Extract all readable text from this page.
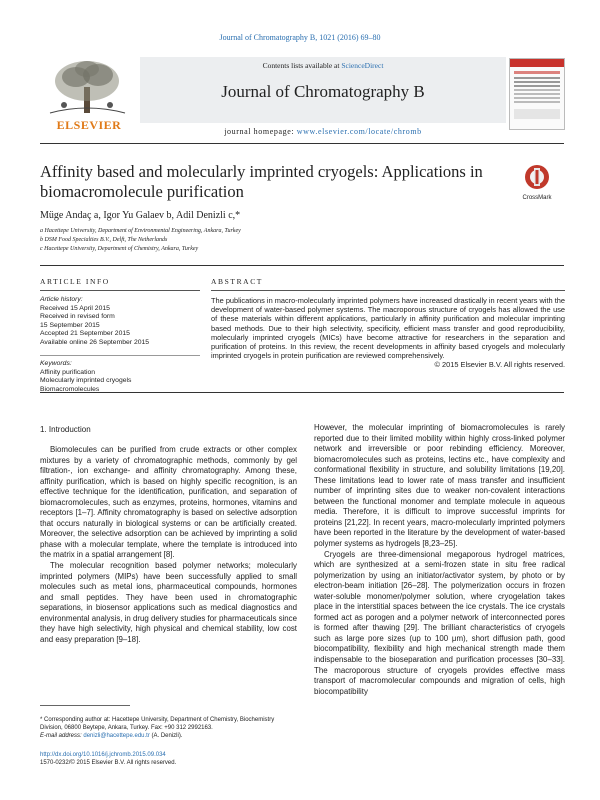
Journal of Chromatography B, 1021 (2016) 69–80
ELSEVIER
Contents lists available at ScienceDirect
Journal of Chromatography B
journal homepage: www.elsevier.com/locate/chromb
Affinity based and molecularly imprinted cryogels: Applications in biomacromolecule purification	CrossMark
Müge Andaç a, Igor Yu Galaev b, Adil Denizli c,*
a Hacettepe University, Department of Environmental Engineering, Ankara, Turkey
b DSM Food Specialties B.V., Delft, The Netherlands
c Hacettepe University, Department of Chemistry, Ankara, Turkey
ARTICLE INFO
Article history:
Received 15 April 2015
Received in revised form
15 September 2015
Accepted 21 September 2015
Available online 26 September 2015
Keywords:
Affinity purification
Molecularly imprinted cryogels
Biomacromolecules
ABSTRACT
The publications in macro-molecularly imprinted polymers have increased drastically in recent years with the development of water-based polymer systems. The macroporous structure of cryogels has allowed the use of these materials within different applications, particularly in affinity purification and molecular imprinting based methods. Due to their high selectivity, specificity, efficient mass transfer and good reproducibility, molecularly imprinted cryogels (MICs) have become attractive for researchers in the separation and purification of proteins. In this review, the recent developments in affinity based cryogels and molecularly imprinted cryogels in protein purification are reviewed comprehensively.
© 2015 Elsevier B.V. All rights reserved.
1. Introduction

Biomolecules can be purified from crude extracts or other complex mixtures by a variety of chromatographic methods, commonly by gel filtration-, ion exchange- and affinity chromatography. Among these, affinity purification, which is based on highly specific recognition, is an effective technique for the identification, purification, and separation of biomacromolecules, such as enzymes, proteins, hormones, vitamins and receptors [1–7]. Affinity chromatography is based on selective adsorption that occurs naturally in biological systems or can be artificially created. Moreover, the selective adsorption can be achieved by imprinting a solid phase with a molecular template, where the template is introduced into the matrix in a spatial arrangement [8].

The molecular recognition based polymer networks; molecularly imprinted polymers (MIPs) have been successfully applied to small molecules such as metal ions, pharmaceutical compounds, hormones and small peptides. They have been used in chromatographic separations, in biosensor applications such as medical diagnostics and environmental analysis, in drug delivery studies for pharmaceuticals since they have high selectivity, high physical and chemical stability, low cost and easy preparation [9–18].

However, the molecular imprinting of biomacromolecules is rarely reported due to their limited mobility within highly cross-linked polymer network and irreversible or poor rebinding efficiency. Moreover, biomacromolecules such as proteins, lectins etc., have complexity and conformational flexibility in structure, and solubility limitations [19,20]. These limitations lead to lower rate of mass transfer and insufficient number of imprinting sites due to weaker non-covalent interactions between the functional monomer and template molecule in aqueous media. Therefore, it is difficult to improve successful imprints for proteins [21,22]. In recent years, macro-molecularly imprinted polymers have been reported in the literature by the development of water-based polymer systems as hydrogels [8,23–25].

Cryogels are three-dimensional megaporous hydrogel matrices, which are synthesized at a semi-frozen state in situ free radical polymerization by using an initiator/activator system, by photo or by electron-beam initiation [26–28]. The polymerization occurs in frozen water-soluble monomer/polymer solution, where cryogelation takes place in the interstitial spaces between the ice crystals. The ice crystals formed act as porogen and a polymer network of interconnected pores is formed after thawing [29]. The brilliant characteristics of cryogels such as large pore sizes (up to 100 μm), short diffusion path, good biocompatibility, flexibility and high mechanical strength made them indispensable to the bioseparation and purification processes [30–33]. The macroporous structure of cryogels provides effective mass transport of macromolecular compounds and migration of cells, high biocompatibility

* Corresponding author at: Hacettepe University, Department of Chemistry, Biochemistry Division, 06800 Beytepe, Ankara, Turkey. Fax: +90 312 2992163.
E-mail address: denizli@hacettepe.edu.tr (A. Denizli).
http://dx.doi.org/10.1016/j.jchromb.2015.09.034
1570-0232/© 2015 Elsevier B.V. All rights reserved.
